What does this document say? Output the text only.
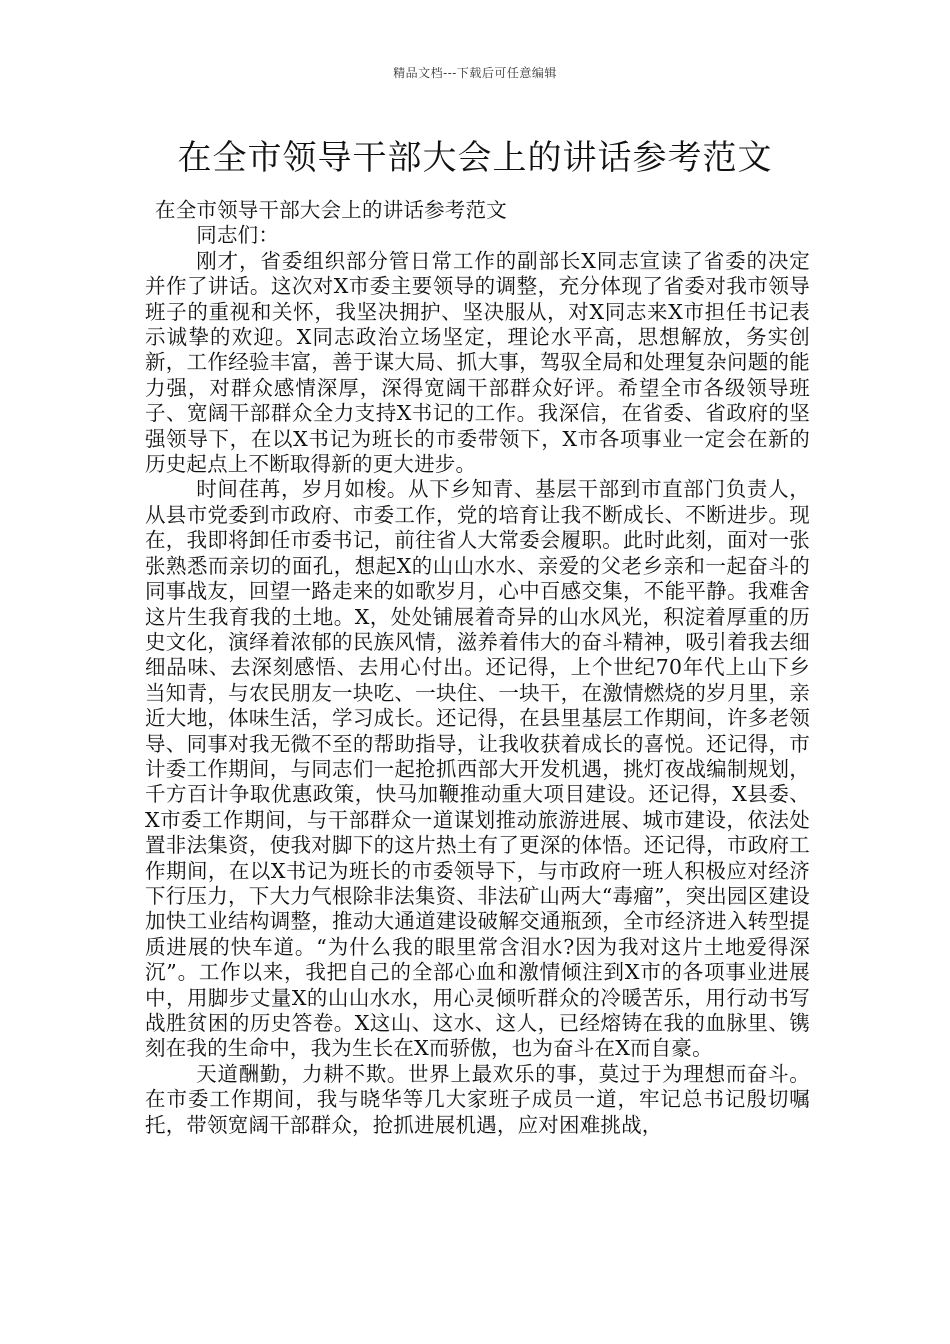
精品文档---下载后可任意编辑
在全市领导干部大会上的讲话参考范文

在全市领导干部大会上的讲话参考范文

同志们：

刚才，省委组织部分管日常工作的副部长X同志宣读了省委的决定并作了讲话。这次对X市委主要领导的调整，充分体现了省委对我市领导班子的重视和关怀，我坚决拥护、坚决服从，对X同志来X市担任书记表示诚挚的欢迎。X同志政治立场坚定，理论水平高，思想解放，务实创新，工作经验丰富，善于谋大局、抓大事，驾驭全局和处理复杂问题的能力强，对群众感情深厚，深得宽阔干部群众好评。希望全市各级领导班子、宽阔干部群众全力支持X书记的工作。我深信，在省委、省政府的坚强领导下，在以X书记为班长的市委带领下，X市各项事业一定会在新的历史起点上不断取得新的更大进步。

时间荏苒，岁月如梭。从下乡知青、基层干部到市直部门负责人，从县市党委到市政府、市委工作，党的培育让我不断成长、不断进步。现在，我即将卸任市委书记，前往省人大常委会履职。此时此刻，面对一张张熟悉而亲切的面孔，想起X的山山水水、亲爱的父老乡亲和一起奋斗的同事战友，回望一路走来的如歌岁月，心中百感交集，不能平静。我难舍这片生我育我的土地。X，处处铺展着奇异的山水风光，积淀着厚重的历史文化，演绎着浓郁的民族风情，滋养着伟大的奋斗精神，吸引着我去细细品味、去深刻感悟、去用心付出。还记得，上个世纪70年代上山下乡当知青，与农民朋友一块吃、一块住、一块干，在激情燃烧的岁月里，亲近大地，体味生活，学习成长。还记得，在县里基层工作期间，许多老领导、同事对我无微不至的帮助指导，让我收获着成长的喜悦。还记得，市计委工作期间，与同志们一起抢抓西部大开发机遇，挑灯夜战编制规划，千方百计争取优惠政策，快马加鞭推动重大项目建设。还记得，X县委、X市委工作期间，与干部群众一道谋划推动旅游进展、城市建设，依法处置非法集资，使我对脚下的这片热土有了更深的体悟。还记得，市政府工作期间，在以X书记为班长的市委领导下，与市政府一班人积极应对经济下行压力，下大力气根除非法集资、非法矿山两大“毒瘤”，突出园区建设加快工业结构调整，推动大通道建设破解交通瓶颈，全市经济进入转型提质进展的快车道。“为什么我的眼里常含泪水?因为我对这片土地爱得深沉”。工作以来，我把自己的全部心血和激情倾注到X市的各项事业进展中，用脚步丈量X的山山水水，用心灵倾听群众的冷暖苦乐，用行动书写战胜贫困的历史答卷。X这山、这水、这人，已经熔铸在我的血脉里、镌刻在我的生命中，我为生长在X而骄傲，也为奋斗在X而自豪。

天道酬勤，力耕不欺。世界上最欢乐的事，莫过于为理想而奋斗。在市委工作期间，我与晓华等几大家班子成员一道，牢记总书记殷切嘱托，带领宽阔干部群众，抢抓进展机遇，应对困难挑战，
